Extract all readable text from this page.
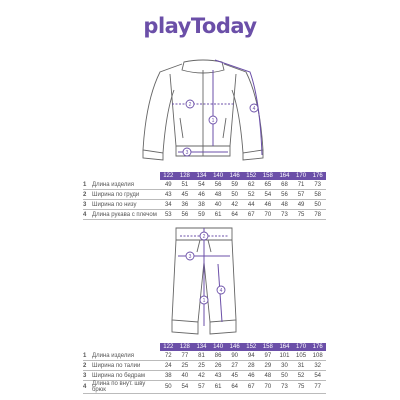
playToday
1
2
3
4
		122	128	134	140	146	152	158	164	170	176
1	Длина изделия	49	51	54	56	59	62	65	68	71	73
2	Ширина по груди	43	45	46	48	50	52	54	56	57	58
3	Ширина по низу	34	36	38	40	42	44	46	48	49	50
4	Длина рукава с плечом	53	56	59	61	64	67	70	73	75	78
1
2
3
4
		122	128	134	140	146	152	158	164	170	176
1	Длина изделия	72	77	81	86	90	94	97	101	105	108
2	Ширина по талии	24	25	25	26	27	28	29	30	31	32
3	Ширина по бедрам	38	40	42	43	45	46	48	50	52	54
4	Длина по внут. шву брюк	50	54	57	61	64	67	70	73	75	77
